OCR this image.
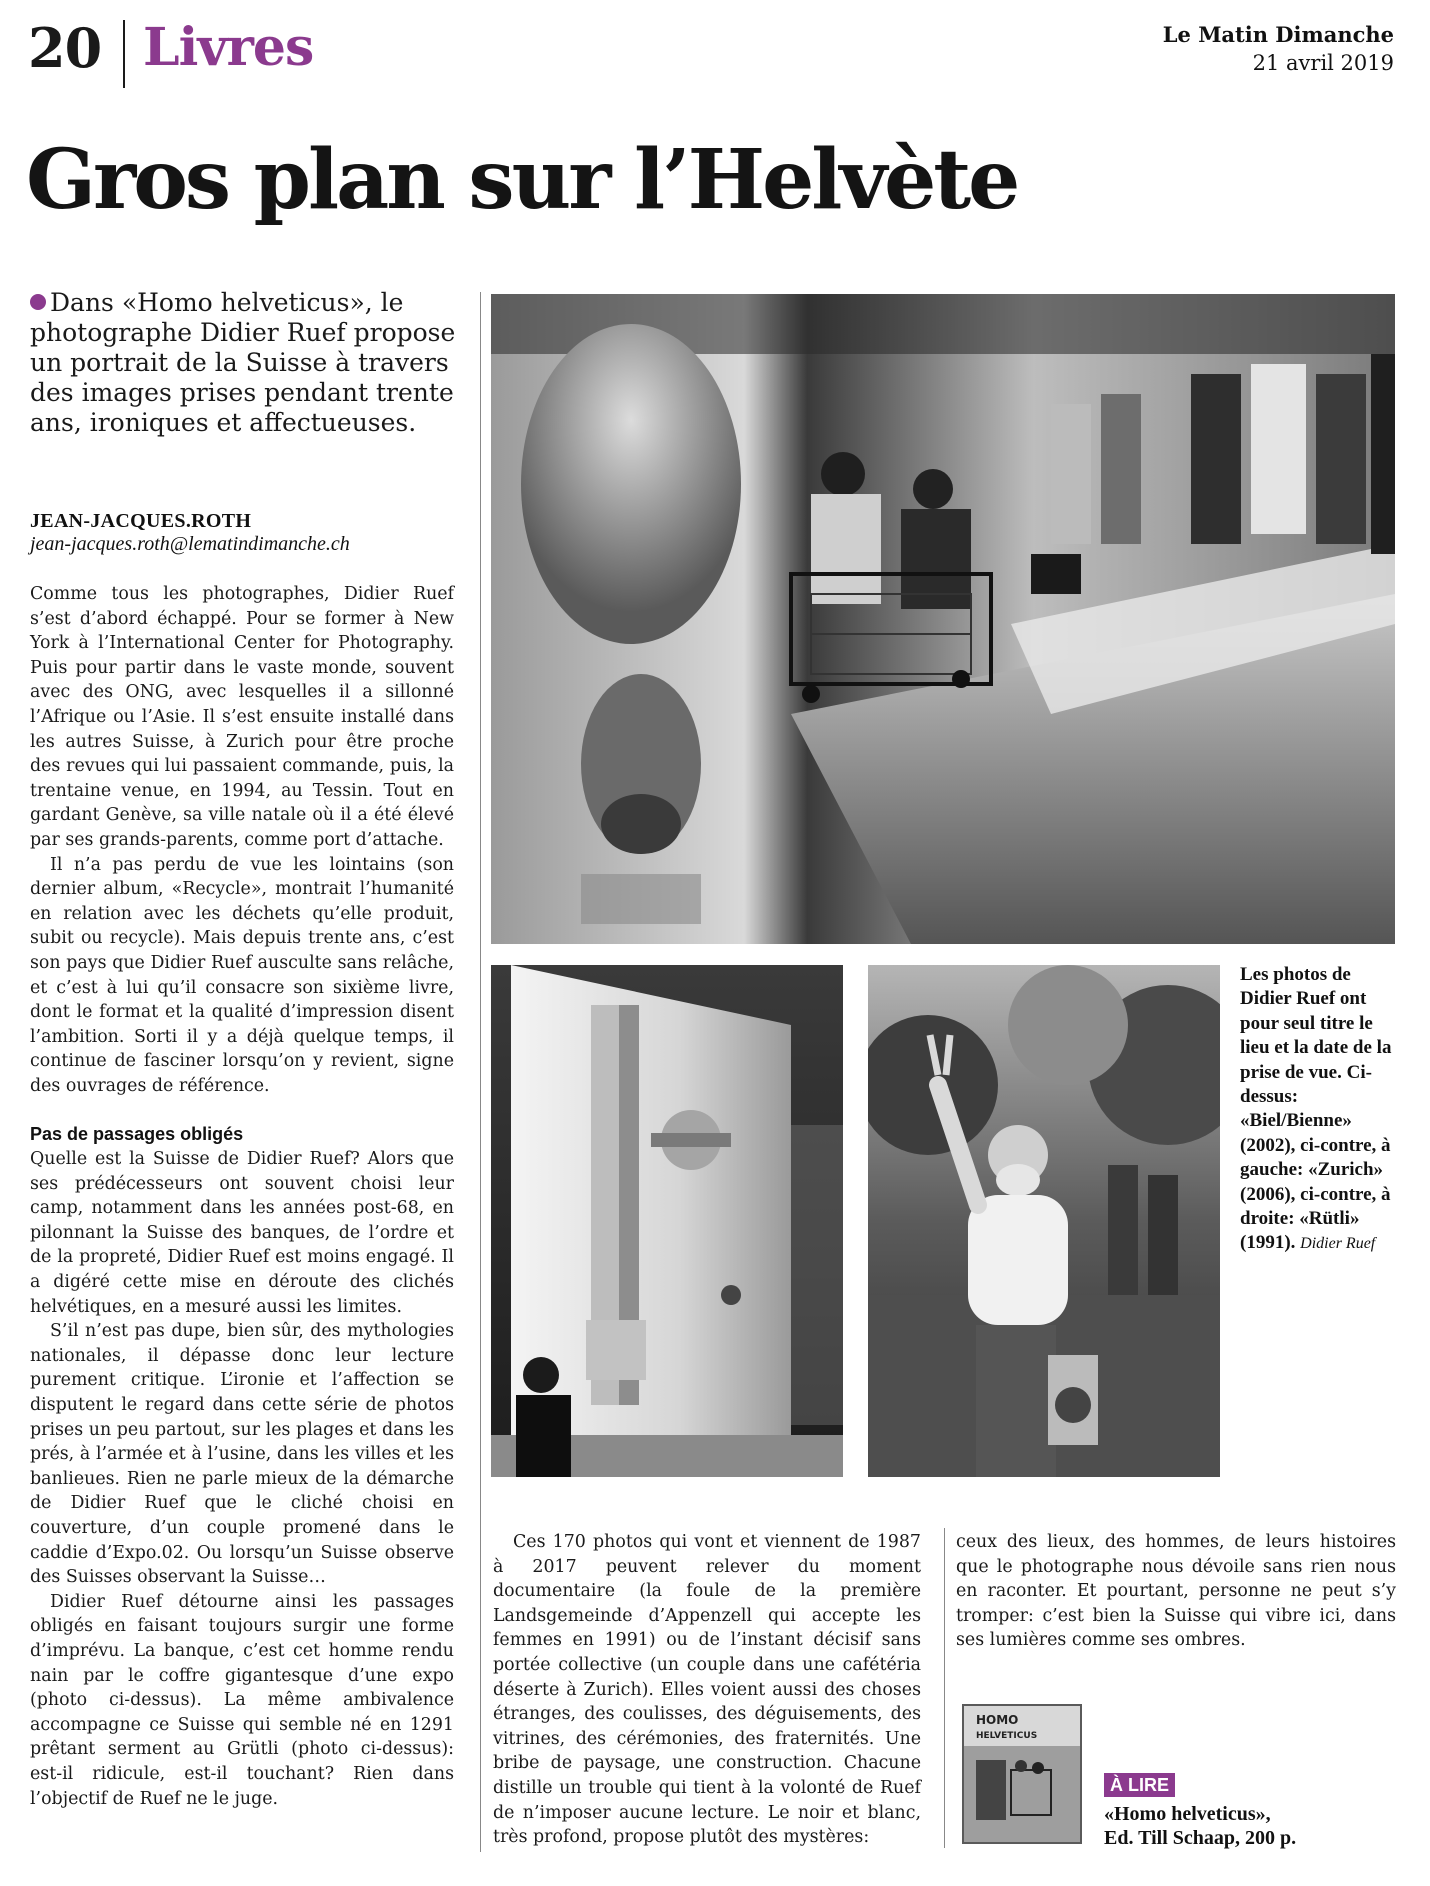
20 Livres	Le Matin Dimanche
21 avril 2019
Gros plan sur l’Helvète
Dans «Homo helveticus», le photographe Didier Ruef propose un portrait de la Suisse à travers des images prises pendant trente ans, ironiques et affectueuses.
JEAN-JACQUES.ROTH
jean-jacques.roth@lematindimanche.ch

Comme tous les photographes, Didier Ruef s’est d’abord échappé. Pour se former à New York à l’International Center for Photography. Puis pour partir dans le vaste monde, souvent avec des ONG, avec lesquelles il a sillonné l’Afrique ou l’Asie. Il s’est ensuite installé dans les autres Suisse, à Zurich pour être proche des revues qui lui passaient commande, puis, la trentaine venue, en 1994, au Tessin. Tout en gardant Genève, sa ville natale où il a été élevé par ses grands-parents, comme port d’attache.

Il n’a pas perdu de vue les lointains (son dernier album, «Recycle», montrait l’humanité en relation avec les déchets qu’elle produit, subit ou recycle). Mais depuis trente ans, c’est son pays que Didier Ruef ausculte sans relâche, et c’est à lui qu’il consacre son sixième livre, dont le format et la qualité d’impression disent l’ambition. Sorti il y a déjà quelque temps, il continue de fasciner lorsqu’on y revient, signe des ouvrages de référence.

Pas de passages obligés

Quelle est la Suisse de Didier Ruef? Alors que ses prédécesseurs ont souvent choisi leur camp, notamment dans les années post-68, en pilonnant la Suisse des banques, de l’ordre et de la propreté, Didier Ruef est moins engagé. Il a digéré cette mise en déroute des clichés helvétiques, en a mesuré aussi les limites.

S’il n’est pas dupe, bien sûr, des mythologies nationales, il dépasse donc leur lecture purement critique. L’ironie et l’affection se disputent le regard dans cette série de photos prises un peu partout, sur les plages et dans les prés, à l’armée et à l’usine, dans les villes et les banlieues. Rien ne parle mieux de la démarche de Didier Ruef que le cliché choisi en couverture, d’un couple promené dans le caddie d’Expo.02. Ou lorsqu’un Suisse observe des Suisses observant la Suisse…

Didier Ruef détourne ainsi les passages obligés en faisant toujours surgir une forme d’imprévu. La banque, c’est cet homme rendu nain par le coffre gigantesque d’une expo (photo ci-dessus). La même ambivalence accompagne ce Suisse qui semble né en 1291 prêtant serment au Grütli (photo ci-dessus): est-il ridicule, est-il touchant? Rien dans l’objectif de Ruef ne le juge.

Les photos de Didier Ruef ont pour seul titre le lieu et la date de la prise de vue. Ci-dessus: «Biel/Bienne» (2002), ci-contre, à gauche: «Zurich» (2006), ci-contre, à droite: «Rütli» (1991). Didier Ruef

Ces 170 photos qui vont et viennent de 1987 à 2017 peuvent relever du moment documentaire (la foule de la première Landsgemeinde d’Appenzell qui accepte les femmes en 1991) ou de l’instant décisif sans portée collective (un couple dans une cafétéria déserte à Zurich). Elles voient aussi des choses étranges, des coulisses, des déguisements, des vitrines, des cérémonies, des fraternités. Une bribe de paysage, une construction. Chacune distille un trouble qui tient à la volonté de Ruef de n’imposer aucune lecture. Le noir et blanc, très profond, propose plutôt des mystères:

ceux des lieux, des hommes, de leurs histoires que le photographe nous dévoile sans rien nous en raconter. Et pourtant, personne ne peut s’y tromper: c’est bien la Suisse qui vibre ici, dans ses lumières comme ses ombres.

HOMO
HELVETICUS
À LIRE
«Homo helveticus»,
Ed. Till Schaap, 200 p.
